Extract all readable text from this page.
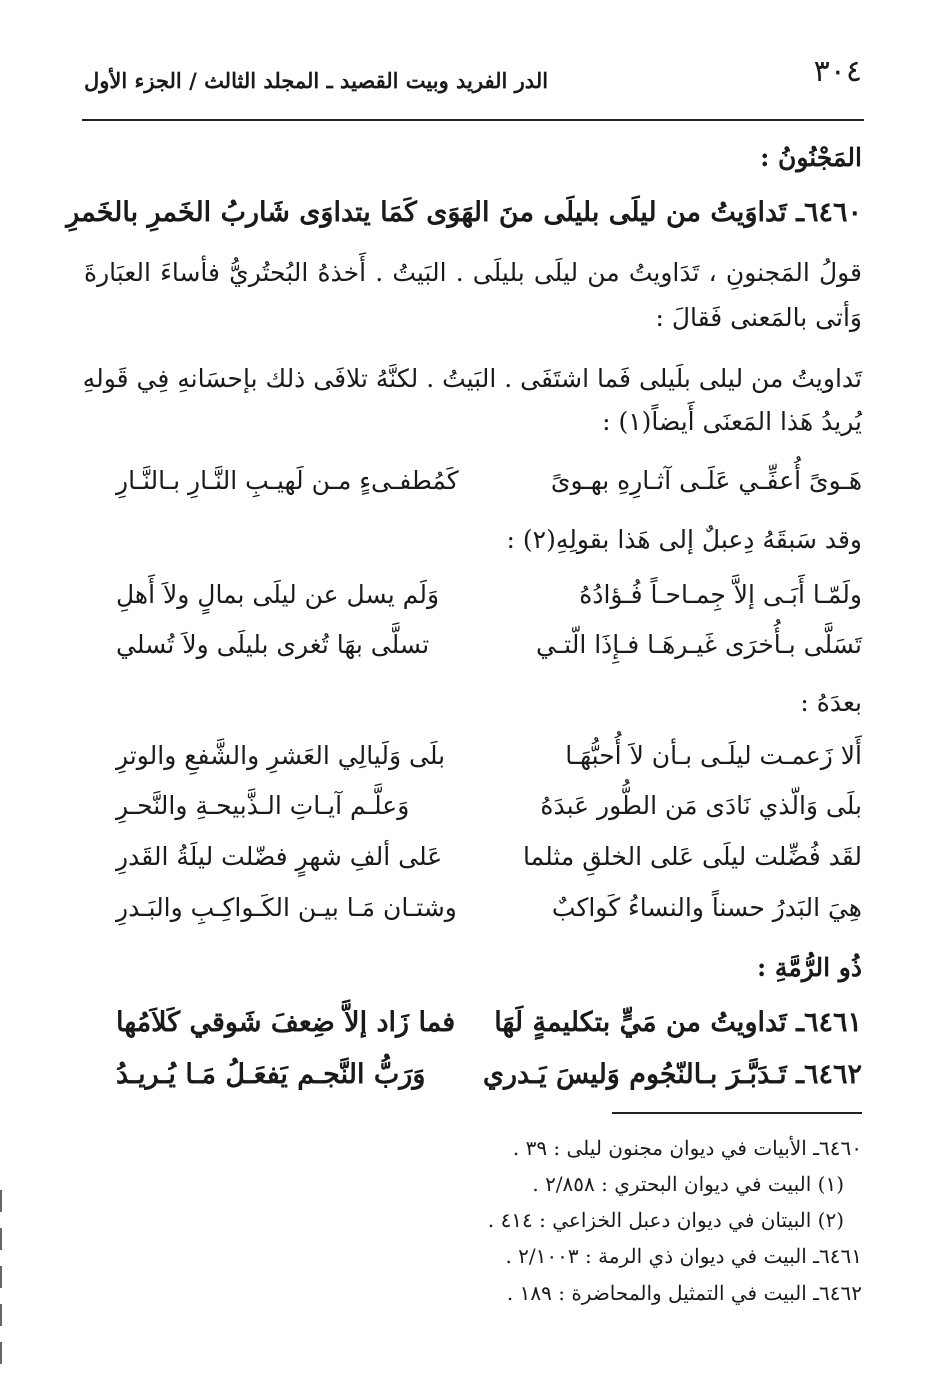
٣٠٤
الدر الفريد وبيت القصيد ـ المجلد الثالث / الجزء الأول
المَجْنُونُ :
٦٤٦٠ـ تَداوَيتُ من ليلَى بليلَى منَ الهَوَى كَمَا يتداوَى شَاربُ الخَمرِ بالخَمرِ
قولُ المَجنونِ ، تَدَاويتُ من ليلَى بليلَى . البَيتُ . أَخذهُ البُحتُريُّ فأساءَ العبَارةَ
وَأتى بالمَعنى فَقالَ :
تَداويتُ من ليلى بلَيلى فَما اشتَفَى . البَيتُ . لكنَّهُ تلافَى ذلك بإحسَانهِ فِي قَولهِ
يُريدُ هَذا المَعنَى أَيضاً(١) :
هَـوىً أُعفِّـي عَلَـى آثـارِهِ بهـوىً
كَمُطفـىءٍ مـن لَهيـبِ النَّـارِ بـالنَّـارِ
وقد سَبقَهُ دِعبلٌ إلى هَذا بقولِهِ(٢) :
ولَمّـا أَبَـى إلاَّ جِمـاحـاً فُـؤادُهُ
وَلَم يسل عن ليلَى بمالٍ ولاَ أَهلِ
تَسَلَّى بـأُخرَى غَيـرهَـا فـإِذَا الّتـي
تسلَّى بهَا تُغرى بليلَى ولاَ تُسلي
بعدَهُ :
أَلا زَعمـت ليلَـى بـأن لاَ أُحبُّهَـا
بلَى وَلَيالِي العَشرِ والشَّفعِ والوترِ
بلَى وَالّذي نَادَى مَن الطُّور عَبدَهُ
وَعلَّـم آيـاتِ الـذَّبيحـةِ والنَّحـرِ
لقَد فُضِّلت ليلَى عَلى الخلقِ مثلما
عَلى ألفِ شهرٍ فضّلت ليلَةُ القَدرِ
هِيَ البَدرُ حسناً والنساءُ كَواكبٌ
وشتـان مَـا بيـن الكَـواكِـبِ والبَـدرِ
ذُو الرُّمَّةِ :
٦٤٦١ـ تَداويتُ من مَيٍّ بتكليمةٍ لَهَا
فما زَاد إلاَّ ضِعفَ شَوقي كَلاَمُها
٦٤٦٢ـ تَـدَبَّـرَ بـالنّجُوم وَليسَ يَـدري
وَرَبُّ النَّجـم يَفعَـلُ مَـا يُـريـدُ
٦٤٦٠ـ الأبيات في ديوان مجنون ليلى : ٣٩ .
(١) البيت في ديوان البحتري : ٢/٨٥٨ .
(٢) البيتان في ديوان دعبل الخزاعي : ٤١٤ .
٦٤٦١ـ البيت في ديوان ذي الرمة : ٢/١٠٠٣ .
٦٤٦٢ـ البيت في التمثيل والمحاضرة : ١٨٩ .
